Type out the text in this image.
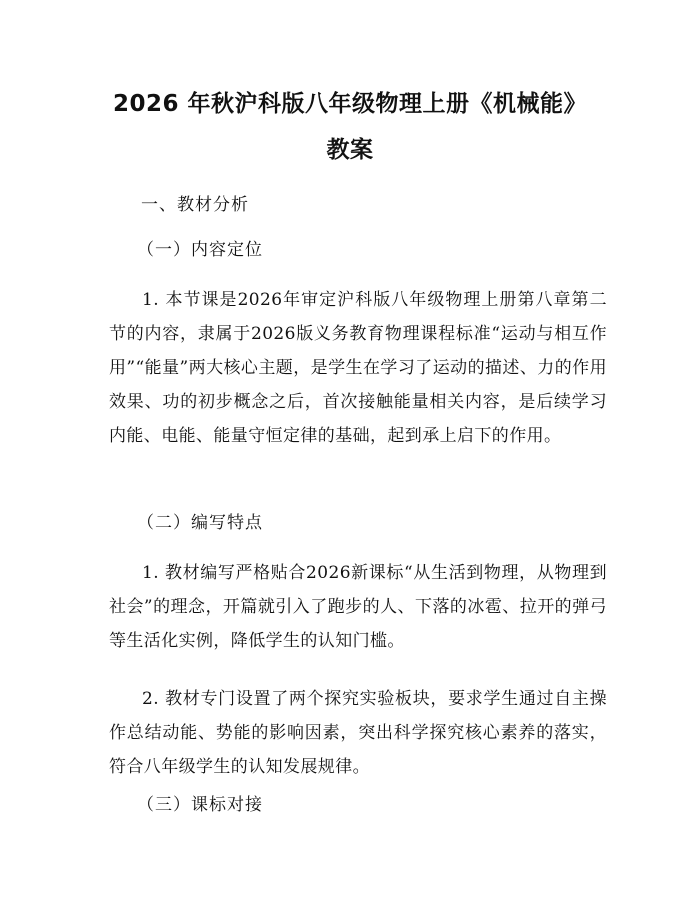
2026 年秋沪科版八年级物理上册《机械能》
教案

一、教材分析

（一）内容定位

1. 本节课是2026年审定沪科版八年级物理上册第八章第二节的内容，隶属于2026版义务教育物理课程标准“运动与相互作用”“能量”两大核心主题，是学生在学习了运动的描述、力的作用效果、功的初步概念之后，首次接触能量相关内容，是后续学习内能、电能、能量守恒定律的基础，起到承上启下的作用。

（二）编写特点

1. 教材编写严格贴合2026新课标“从生活到物理，从物理到社会”的理念，开篇就引入了跑步的人、下落的冰雹、拉开的弹弓等生活化实例，降低学生的认知门槛。

2. 教材专门设置了两个探究实验板块，要求学生通过自主操作总结动能、势能的影响因素，突出科学探究核心素养的落实，符合八年级学生的认知发展规律。

（三）课标对接
